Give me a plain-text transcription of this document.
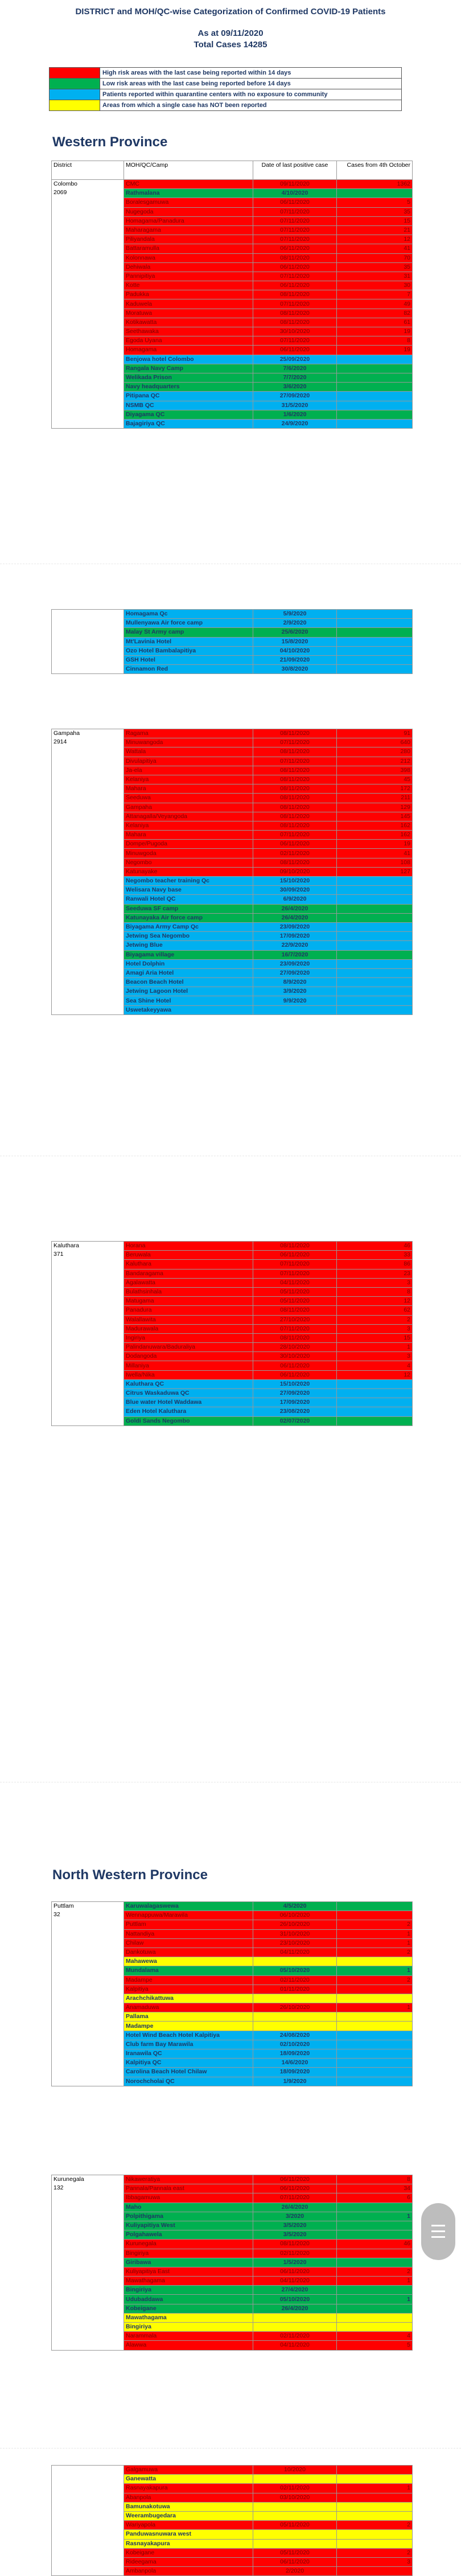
DISTRICT and MOH/QC-wise Categorization of Confirmed COVID-19 Patients
As at 09/11/2020
Total Cases 14285
	High risk areas with the last case being reported within 14 days
	Low risk areas with the last case being reported before 14 days
	Patients reported within quarantine centers with no exposure to community
	Areas from which a single case has NOT been reported
Western Province
District	MOH/QC/Camp	Date of last positive case	Cases from 4th October

Colombo
2069	CMC	09/11/2020	1362
	Rathmalana	4/10/2020	
	Boralesgamuwa	06/11/2020	5
	Nugegoda	07/11/2020	35
	Homagama/Panadura	07/11/2020	15
	Maharagama	07/11/2020	21
	Piliyandala	07/11/2020	12
	Battaramulla	06/11/2020	41
	Kolonnawa	08/11/2020	70
	Dehiwala	06/11/2020	35
	Pannipitiya	07/11/2020	31
	Kotte	06/11/2020	30
	Padukka	08/11/2020	7
	Kaduwela	07/11/2020	49
	Moratuwa	08/11/2020	82
	Kotikawatta	08/11/2020	61
	Seethawaka	30/10/2020	19
	Egoda Uyana	07/11/2020	8
	Homagama	06/11/2020	19
	Benjowa hotel Colombo	25/09/2020	
	Rangala Navy Camp	7/6/2020	
	Welikada Prison	7/7/2020	
	Navy headquarters	3/6/2020	
	Pitipana QC	27/09/2020	
	NSMB QC	31/5/2020	
	Diyagama QC	1/6/2020	
	Bajagiriya QC	24/9/2020	
	Homagama Qc	5/9/2020	
	Mullenyawa Air force camp	2/9/2020	
	Malay St Army camp	25/6/2020	
	Mt'Lavinia Hotel	15/8/2020	
	Ozo Hotel Bambalapitiya	04/10/2020	
	GSH Hotel	21/09/2020	
	Cinnamon Red	30/8/2020	
Gampaha
2914	Ragama	08/11/2020	91
	Minuwangoda	07/11/2020	640
	Wattala	08/11/2020	280
	Divulapitiya	07/11/2020	212
	Ja-ela	08/11/2020	398
	Kelaniya	08/11/2020	45
	Mahara	08/11/2020	172
	Seeduwa	08/11/2020	211
	Gampaha	08/11/2020	129
	Attanagalla/Veyangoda	08/11/2020	145
	Kelaniya	08/11/2020	162
	Mahara	07/11/2020	162
	Dompe/Pugoda	06/11/2020	19
	Minuwgoda	02/11/2020	41
	Negombo	08/11/2020	108
	Katunayake	09/10/2020	127
	Negombo teacher training Qc	15/10/2020	
	Welisara Navy base	30/09/2020	
	Ranwali Hotel QC	6/9/2020	
	Seeduwa SF camp	26/4/2020	
	Katunayaka Air force camp	26/4/2020	
	Biyagama Army Camp Qc	23/09/2020	
	Jetwing Sea Negombo	17/09/2020	
	Jetwing Blue	22/9/2020	
	Biyagama village	16/7/2020	
	Hotel Dolphin	23/09/2020	
	Amagi Aria Hotel	27/09/2020	
	Beacon Beach Hotel	8/9/2020	
	Jetwing Lagoon Hotel	3/9/2020	
	Sea Shine Hotel	9/9/2020	
	Uswetakeyyawa		
Kaluthara
371	Horana	08/11/2020	46
	Beruwala	06/11/2020	33
	Kaluthara	07/11/2020	86
	Bandaragama	07/11/2020	23
	Agalawatta	04/11/2020	3
	Bulathsinhala	05/11/2020	8
	Matugama	05/11/2020	12
	Panadura	08/11/2020	62
	Walallawita	27/10/2020	2
	Madurawala	07/11/2020	3
	Ingiriya	08/11/2020	15
	Palindanuwara/Baduraliya	28/10/2020	1
	Dodangoda	30/10/2020	3
	Millaniya	06/11/2020	4
	Iwella/Nika	06/11/2020	12
	Kaluthara QC	15/10/2020	
	Citrus Waskaduwa QC	27/09/2020	
	Blue water Hotel Waddawa	17/09/2020	
	Eden Hotel Kaluthara	23/08/2020	
	Goldi Sands Negombo	02/07/2020	
North Western Province
Puttlam
32	Karuwalagaswewa	4/5/2020	
	Wennappuwa/Marawila	06/10/2020	
	Puttlam	26/10/2020	2
	Nattandiya	31/10/2020	1
	Chilaw	23/10/2020	1
	Dankotuwa	04/11/2020	2
	Mahawewa		
	Mundalama	05/10/2020	1
	Madampe	02/11/2020	2
	Kalpitiya	01/11/2020	
	Arachchikattuwa		
	Anamaduwa	26/10/2020	1
	Pallama		
	Madampe		
	Hotel Wind Beach Hotel Kalpitiya	24/08/2020	
	Club farm Bay Marawila	02/10/2020	
	Iranawila QC	18/09/2020	
	Kalpitiya QC	14/6/2020	
	Carolina Beach Hotel Chilaw	18/09/2020	
	Norochcholai QC	1/9/2020	
Kurunegala
132	Nikaweratiya	06/11/2020	8
	Pannala/Pannala east	06/11/2020	34
	Ibbagamuwa	07/11/2020	6
	Maho	26/4/2020	
	Polpithigama	3/2020	1
	Kuliyapitiya West	3/5/2020	
	Polgahawela	3/5/2020	
	Kurunegala	08/11/2020	46
	Bingiriya	02/11/2020	
	Giribawa	1/5/2020	
	Kuliyapitiya East	06/11/2020	2
	Mawathagama	04/11/2020	1
	Bingiriya	27/4/2020	
	Udubaddawa	05/10/2020	1
	Kobeigane	26/4/2020	
	Mawathagama		
	Bingiriya		
	Narammala	02/11/2020	4
	Alawwa	04/11/2020	5
	Galgamuwa	10/2020	
	Ganewatta		
	Rasnayakapura	02/11/2020	1
	Abanpola	03/10/2020	
	Bamunakotuwa		
	Weerambugedara		
	Wariyapola	05/11/2020	2
	Panduwasnuwara west		
	Rasnayakapura		
	Kobeigane	05/11/2020	2
	Rideegama	06/11/2020	3
	Ambanpola	2/2020	
